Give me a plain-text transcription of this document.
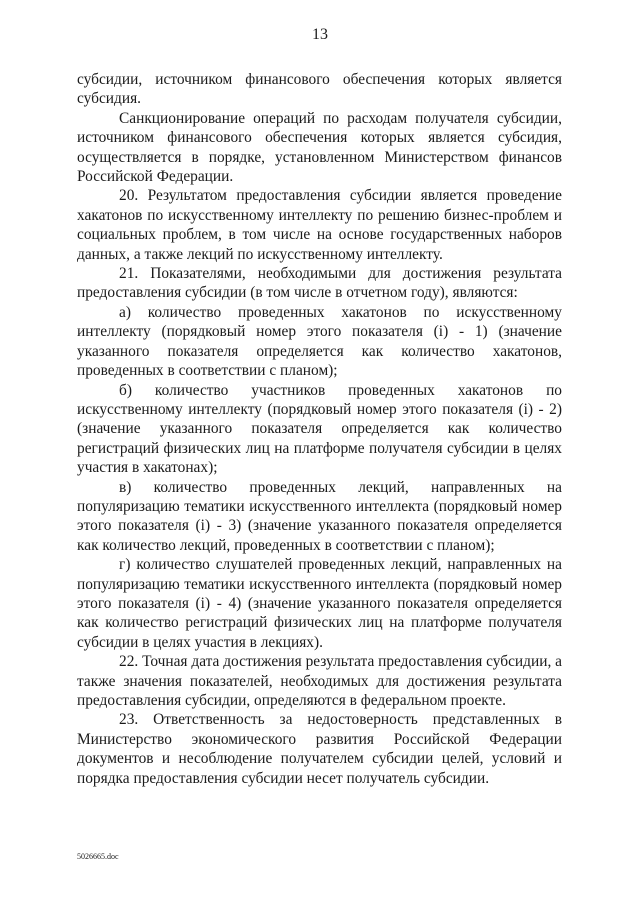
13

субсидии, источником финансового обеспечения которых является субсидия.

Санкционирование операций по расходам получателя субсидии, источником финансового обеспечения которых является субсидия, осуществляется в порядке, установленном Министерством финансов Российской Федерации.

20. Результатом предоставления субсидии является проведение хакатонов по искусственному интеллекту по решению бизнес-проблем и социальных проблем, в том числе на основе государственных наборов данных, а также лекций по искусственному интеллекту.

21. Показателями, необходимыми для достижения результата предоставления субсидии (в том числе в отчетном году), являются:

а) количество проведенных хакатонов по искусственному интеллекту (порядковый номер этого показателя (i) - 1) (значение указанного показателя определяется как количество хакатонов, проведенных в соответствии с планом);

б) количество участников проведенных хакатонов по искусственному интеллекту (порядковый номер этого показателя (i) - 2) (значение указанного показателя определяется как количество регистраций физических лиц на платформе получателя субсидии в целях участия в хакатонах);

в) количество проведенных лекций, направленных на популяризацию тематики искусственного интеллекта (порядковый номер этого показателя (i) - 3) (значение указанного показателя определяется как количество лекций, проведенных в соответствии с планом);

г) количество слушателей проведенных лекций, направленных на популяризацию тематики искусственного интеллекта (порядковый номер этого показателя (i) - 4) (значение указанного показателя определяется как количество регистраций физических лиц на платформе получателя субсидии в целях участия в лекциях).

22. Точная дата достижения результата предоставления субсидии, а также значения показателей, необходимых для достижения результата предоставления субсидии, определяются в федеральном проекте.

23. Ответственность за недостоверность представленных в Министерство экономического развития Российской Федерации документов и несоблюдение получателем субсидии целей, условий и порядка предоставления субсидии несет получатель субсидии.

5026665.doc
